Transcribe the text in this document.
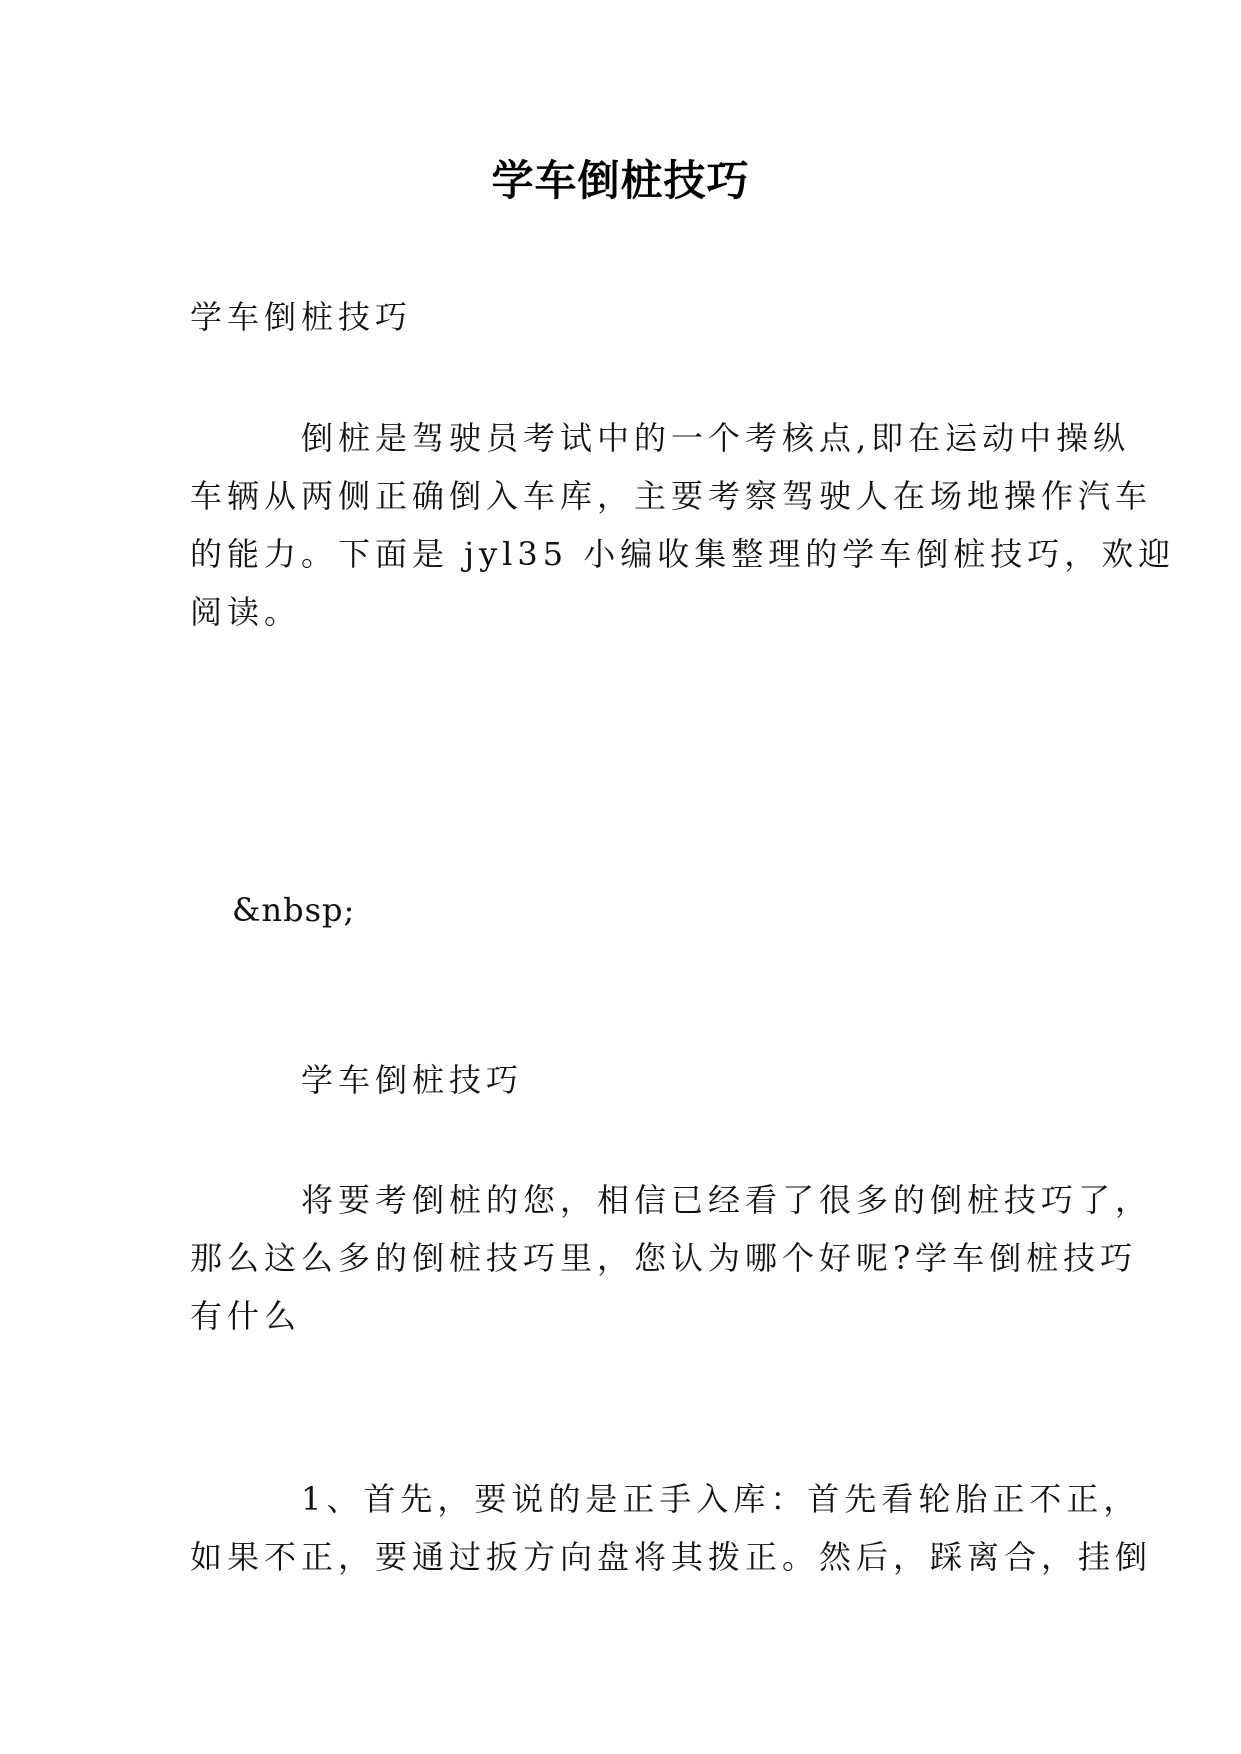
学车倒桩技巧
学车倒桩技巧
倒桩是驾驶员考试中的一个考核点,即在运动中操纵
车辆从两侧正确倒入车库，主要考察驾驶人在场地操作汽车
的能力。下面是 jyl35 小编收集整理的学车倒桩技巧，欢迎
阅读。
&nbsp;
学车倒桩技巧
将要考倒桩的您，相信已经看了很多的倒桩技巧了，
那么这么多的倒桩技巧里，您认为哪个好呢?学车倒桩技巧
有什么
1、首先，要说的是正手入库：首先看轮胎正不正，
如果不正，要通过扳方向盘将其拨正。然后，踩离合，挂倒
